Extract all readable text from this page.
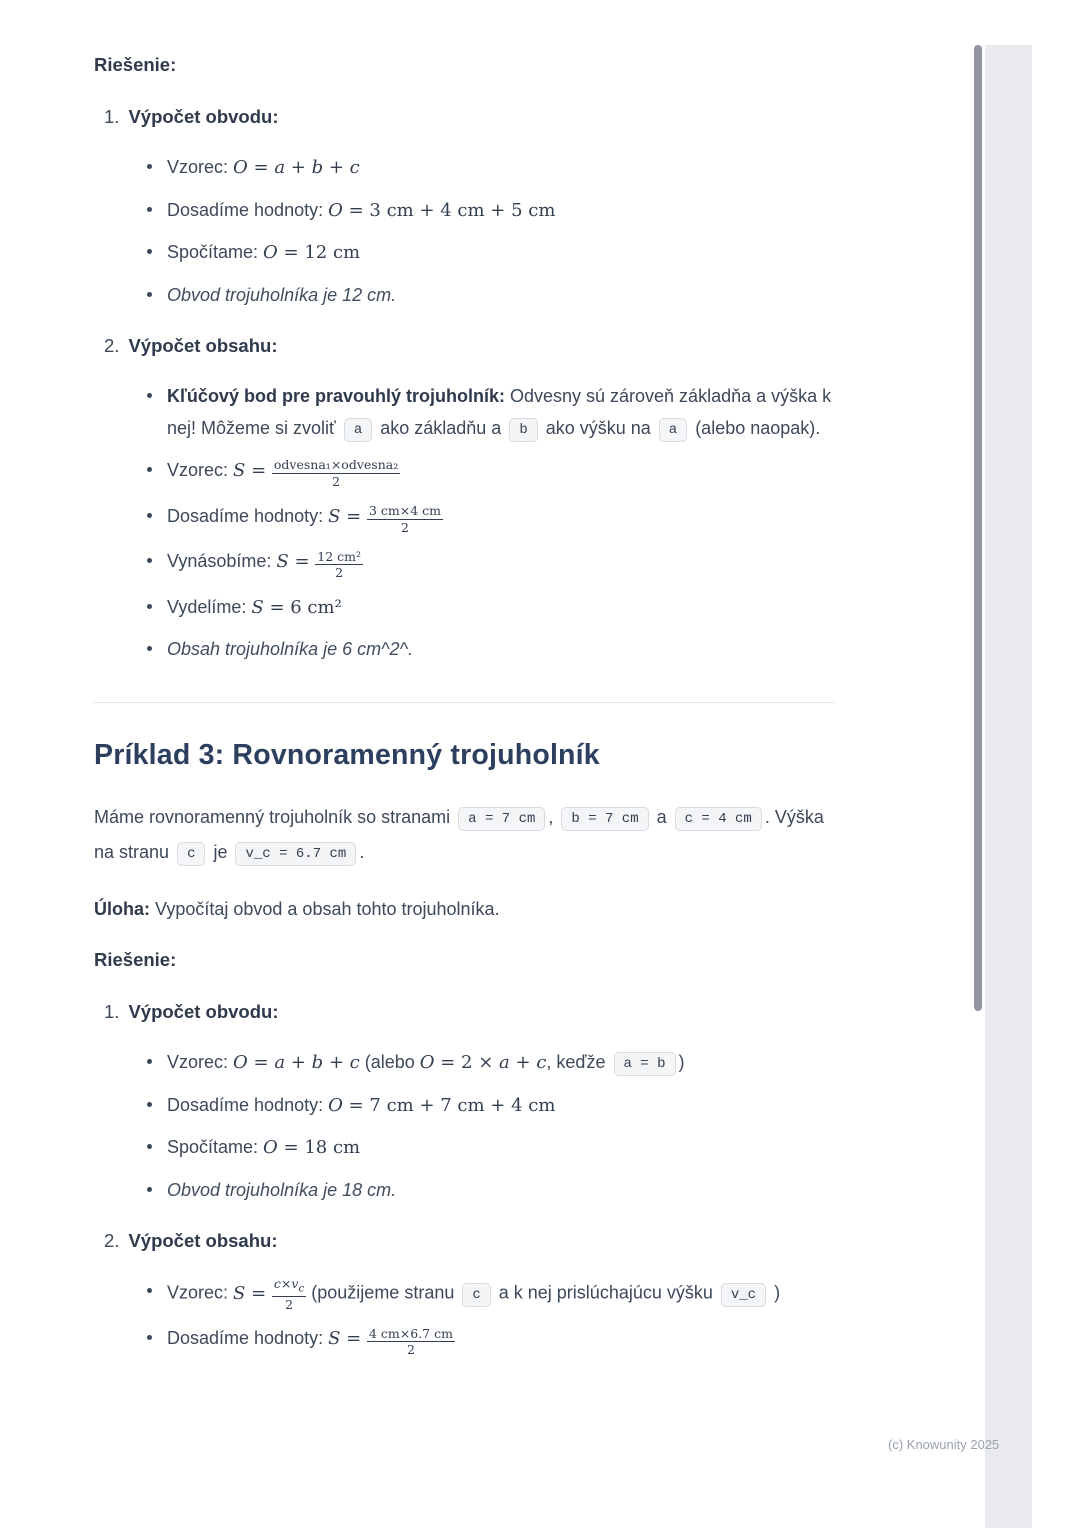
Riešenie:
1. Výpočet obvodu:
Vzorec: O = a + b + c
Dosadíme hodnoty: O = 3 cm + 4 cm + 5 cm
Spočítame: O = 12 cm
Obvod trojuholníka je 12 cm.
2. Výpočet obsahu:
Kľúčový bod pre pravouhlý trojuholník: Odvesny sú zároveň základňa a výška k nej! Môžeme si zvoliť a ako základňu a b ako výšku na a (alebo naopak).
Vzorec: $S = \frac{\text{odvesna₁×odvesna₂}}{2}$
Dosadíme hodnoty: $S = \frac{3 cm\times 4 cm}{2}$
Vynásobíme: $S = \frac{\text{12 cm²}}{2}$
Vydelíme: S = 6 cm²
Obsah trojuholníka je 6 cm^2^.
Príklad 3: Rovnoramenný trojuholník

Máme rovnoramenný trojuholník so stranami a = 7 cm , b = 7 cm a c = 4 cm . Výška na stranu c je v_c = 6.7 cm .

Úloha: Vypočítaj obvod a obsah tohto trojuholníka.

Riešenie:
1. Výpočet obvodu:
Vzorec: O = a + b + c (alebo O = 2 × a + c, keďže a = b )
Dosadíme hodnoty: O = 7 cm + 7 cm + 4 cm
Spočítame: O = 18 cm
Obvod trojuholníka je 18 cm.
2. Výpočet obsahu:
Vzorec: $S = \frac{c\times v_c}{2}$ (použijeme stranu c a k nej prislúchajúcu výšku v_c )
Dosadíme hodnoty: $S = \frac{4 cm\times 6.7 cm}{2}$
(c) Knowunity 2025
